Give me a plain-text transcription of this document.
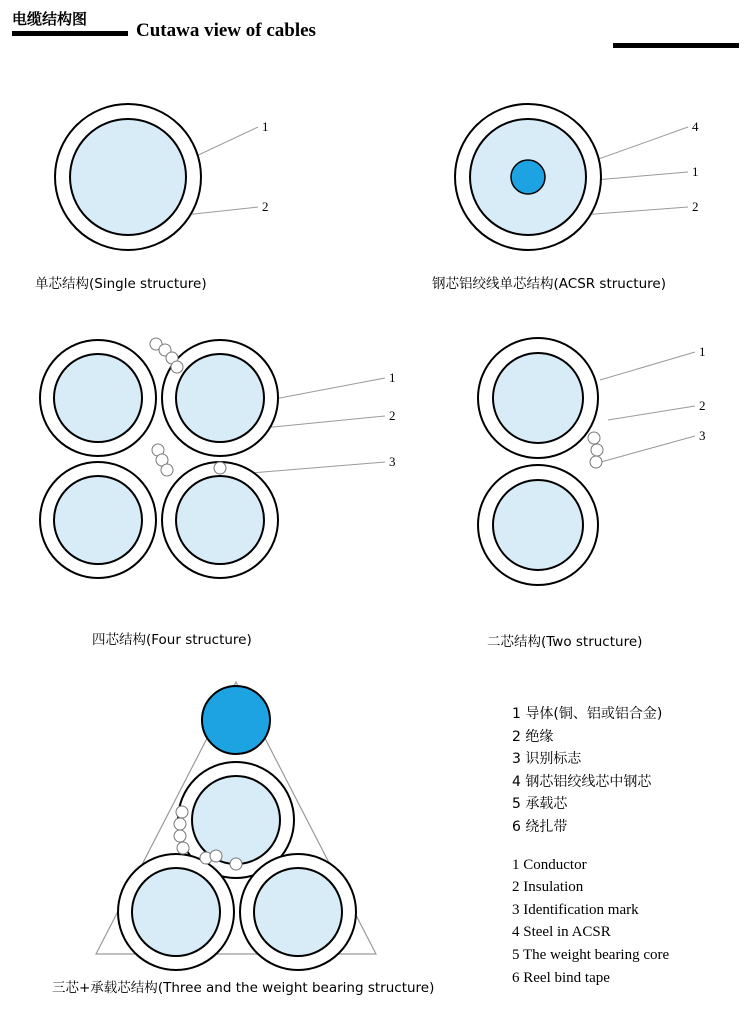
电缆结构图
Cutawa view of cables
1
2
单芯结构(Single structure)
4
1
2
钢芯铝绞线单芯结构(ACSR structure)
1
2
3
四芯结构(Four structure)
1
2
3
二芯结构(Two structure)
三芯+承载芯结构(Three and the weight bearing structure)
1 导体(铜、铝或铝合金)
2 绝缘
3 识别标志
4 钢芯铝绞线芯中钢芯
5 承载芯
6 绕扎带
1 Conductor
2 Insulation
3 Identification mark
4 Steel in ACSR
5 The weight bearing core
6 Reel bind tape
